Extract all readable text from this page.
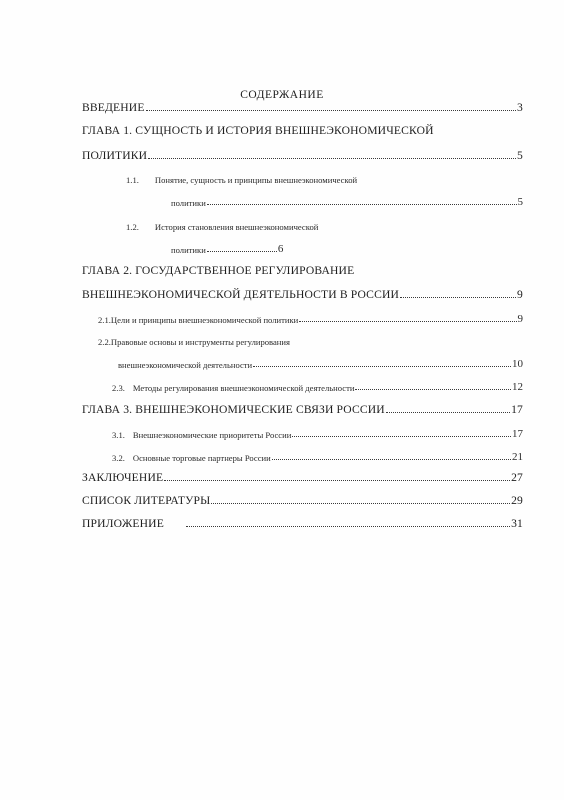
СОДЕРЖАНИЕ
ВВЕДЕНИЕ	3
ГЛАВА 1. СУЩНОСТЬ И ИСТОРИЯ ВНЕШНЕЭКОНОМИЧЕСКОЙ
ПОЛИТИКИ	5
1.1. Понятие, сущность и принципы внешнеэкономической
политики	5
1.2. История становления внешнеэкономической
политики	6
ГЛАВА 2. ГОСУДАРСТВЕННОЕ РЕГУЛИРОВАНИЕ
ВНЕШНЕЭКОНОМИЧЕСКОЙ ДЕЯТЕЛЬНОСТИ В РОССИИ	9
2.1. Цели и принципы внешнеэкономической политики	9
2.2. Правовые основы и инструменты регулирования
внешнеэкономической деятельности	10
2.3. Методы регулирования внешнеэкономической деятельности	12
ГЛАВА 3. ВНЕШНЕЭКОНОМИЧЕСКИЕ СВЯЗИ РОССИИ	17
3.1. Внешнеэкономические приоритеты России	17
3.2. Основные торговые партнеры России	21
ЗАКЛЮЧЕНИЕ	27
СПИСОК ЛИТЕРАТУРЫ	29
ПРИЛОЖЕНИЕ	31
